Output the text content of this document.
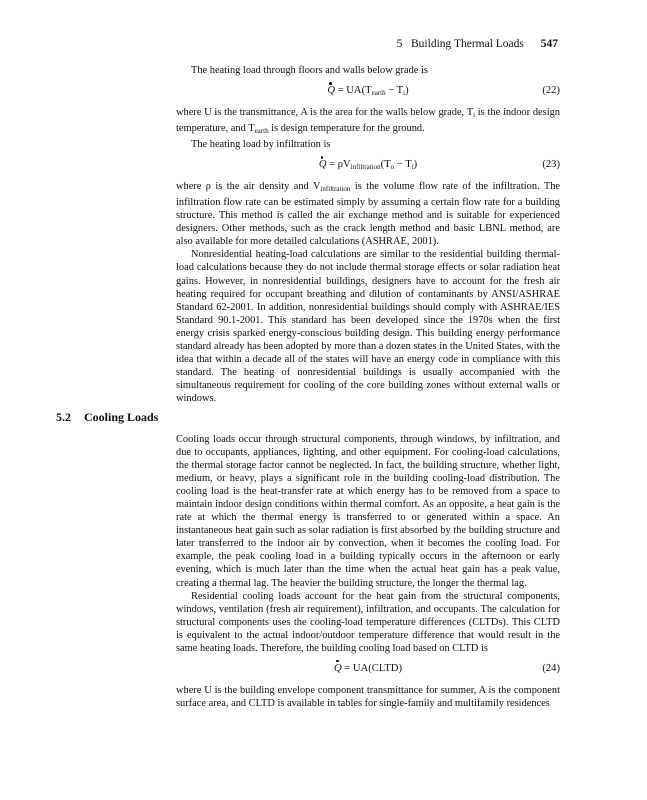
5   Building Thermal Loads 547

The heating load through floors and walls below grade is

$Q = UA(T_{earth} - T_i)$	(22)

where U is the transmittance, A is the area for the walls below grade, $T_i$ is the indoor design temperature, and $T_{earth}$ is design temperature for the ground.

The heating load by infiltration is

$Q = \rho V_{infiltration}(T_o - T_i)$	(23)

where ρ is the air density and $V_{infiltration}$ is the volume flow rate of the infiltration. The infiltration flow rate can be estimated simply by assuming a certain flow rate for a building structure. This method is called the air exchange method and is suitable for experienced designers. Other methods, such as the crack length method and basic LBNL method, are also available for more detailed calculations (ASHRAE, 2001).

Nonresidential heating-load calculations are similar to the residential building thermal-load calculations because they do not include thermal storage effects or solar radiation heat gains. However, in nonresidential buildings, designers have to account for the fresh air heating required for occupant breathing and dilution of contaminants by ANSI/ASHRAE Standard 62-2001. In addition, nonresidential buildings should comply with ASHRAE/IES Standard 90.1-2001. This standard has been developed since the 1970s when the first energy crisis sparked energy-conscious building design. This building energy performance standard already has been adopted by more than a dozen states in the United States, with the idea that within a decade all of the states will have an energy code in compliance with this standard. The heating of nonresidential buildings is usually accompanied with the simultaneous requirement for cooling of the core building zones without external walls or windows.

5.2 Cooling Loads

Cooling loads occur through structural components, through windows, by infiltration, and due to occupants, appliances, lighting, and other equipment. For cooling-load calculations, the thermal storage factor cannot be neglected. In fact, the building structure, whether light, medium, or heavy, plays a significant role in the building cooling-load distribution. The cooling load is the heat-transfer rate at which energy has to be removed from a space to maintain indoor design conditions within thermal comfort. As an opposite, a heat gain is the rate at which the thermal energy is transferred to or generated within a space. An instantaneous heat gain such as solar radiation is first absorbed by the building structure and later transferred to the indoor air by convection, when it becomes the cooling load. For example, the peak cooling load in a building typically occurs in the afternoon or early evening, which is much later than the time when the actual heat gain has a peak value, creating a thermal lag. The heavier the building structure, the longer the thermal lag.

Residential cooling loads account for the heat gain from the structural components, windows, ventilation (fresh air requirement), infiltration, and occupants. The calculation for structural components uses the cooling-load temperature differences (CLTDs). This CLTD is equivalent to the actual indoor/outdoor temperature difference that would result in the same heating loads. Therefore, the building cooling load based on CLTD is

Q = UA(CLTD)	(24)

where U is the building envelope component transmittance for summer, A is the component surface area, and CLTD is available in tables for single-family and multifamily residences
